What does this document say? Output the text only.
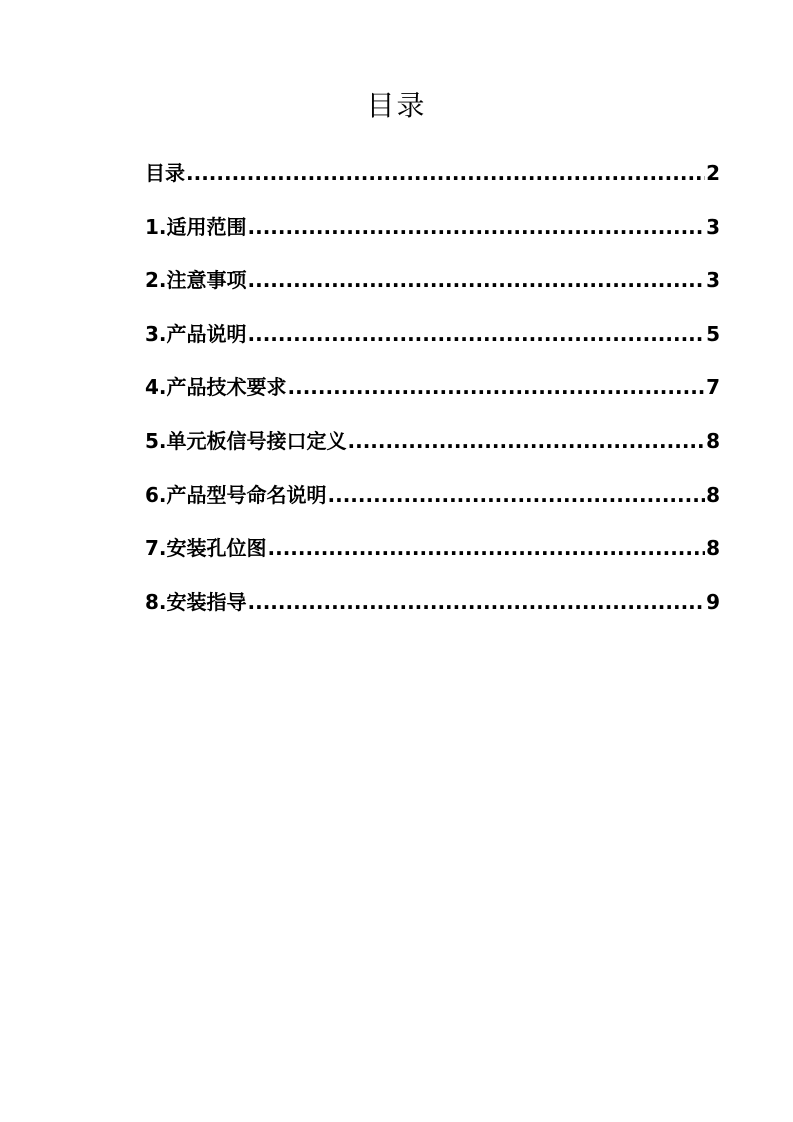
目录
目录 .....	2
1.适用范围 .....	3
2.注意事项 .....	3
3.产品说明 .....	5
4.产品技术要求 .....	7
5.单元板信号接口定义 .....	8
6.产品型号命名说明 .....	8
7.安装孔位图 .....	8
8.安装指导 .....	9
